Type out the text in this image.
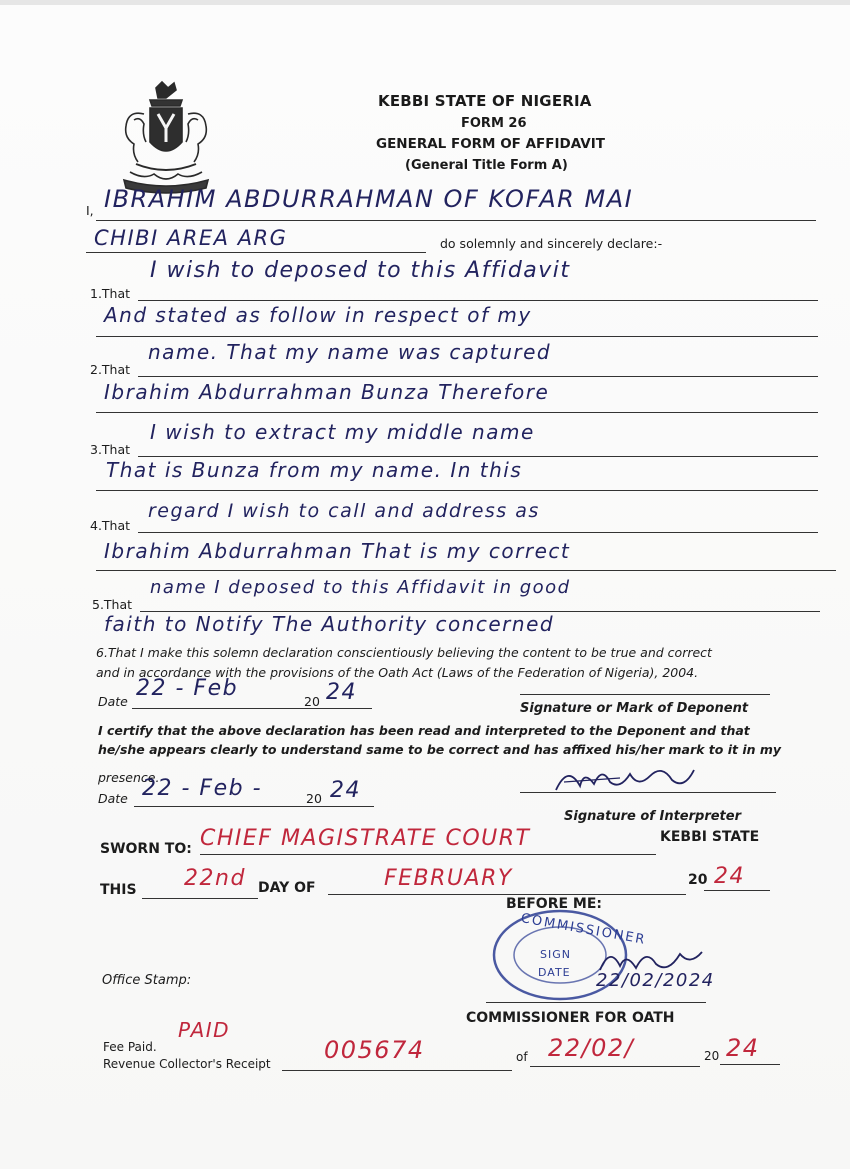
KEBBI STATE OF NIGERIA
FORM 26
GENERAL FORM OF AFFIDAVIT
(General Title Form A)
I, IBRAHIM ABDURRAHMAN OF KOFAR MAI
CHIBI AREA ARG	do solemnly and sincerely declare:-
1.That
I wish to deposed to this Affidavit
And stated as follow in respect of my
2.That
name. That my name was captured
Ibrahim Abdurrahman Bunza Therefore
3.That
I wish to extract my middle name
That is Bunza from my name. In this
4.That
regard I wish to call and address as
Ibrahim Abdurrahman That is my correct
5.That
name I deposed to this Affidavit in good
faith to Notify The Authority concerned
6.That I make this solemn declaration conscientiously believing the content to be true and correct
and in accordance with the provisions of the Oath Act (Laws of the Federation of Nigeria), 2004.
Date
22 - Feb
20 24
Signature or Mark of Deponent
I certify that the above declaration has been read and interpreted to the Deponent and that
he/she appears clearly to understand same to be correct and has affixed his/her mark to it in my
presence.
Date 22 - Feb -	20 24
Signature of Interpreter
SWORN TO: CHIEF MAGISTRATE COURT	KEBBI STATE
THIS 22nd DAY OF	FEBRUARY	20 24
BEFORE ME:
COMMISSIONER
SIGN
DATE 22/02/2024
Office Stamp:
COMMISSIONER FOR OATH
Fee Paid.
PAID
Revenue Collector's Receipt 005674	of 22/02/	20 24
